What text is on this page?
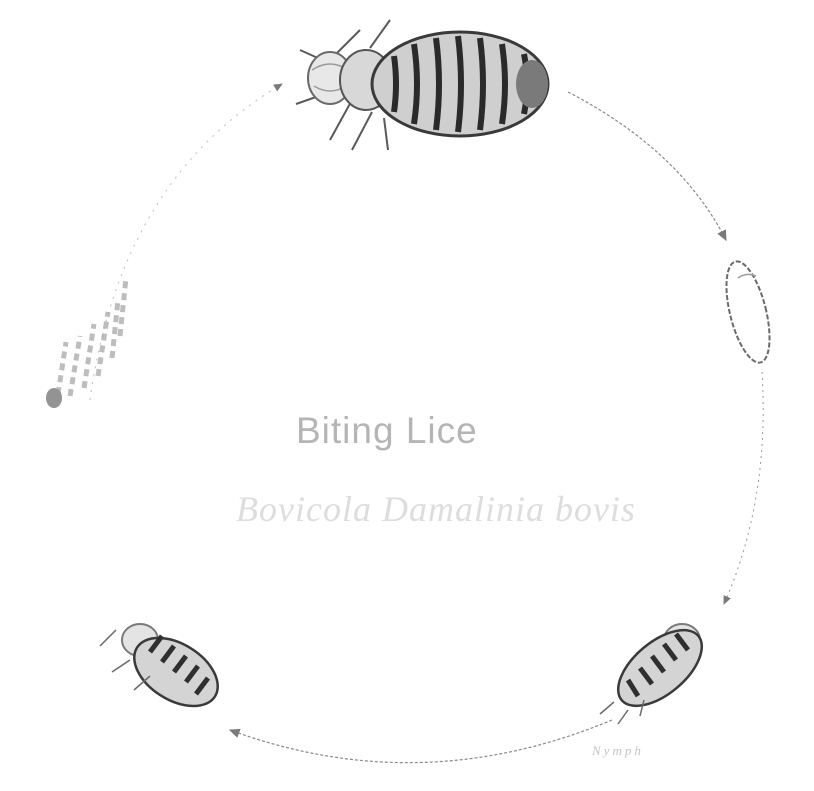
Biting Lice
Bovicola Damalinia bovis
Nymph
